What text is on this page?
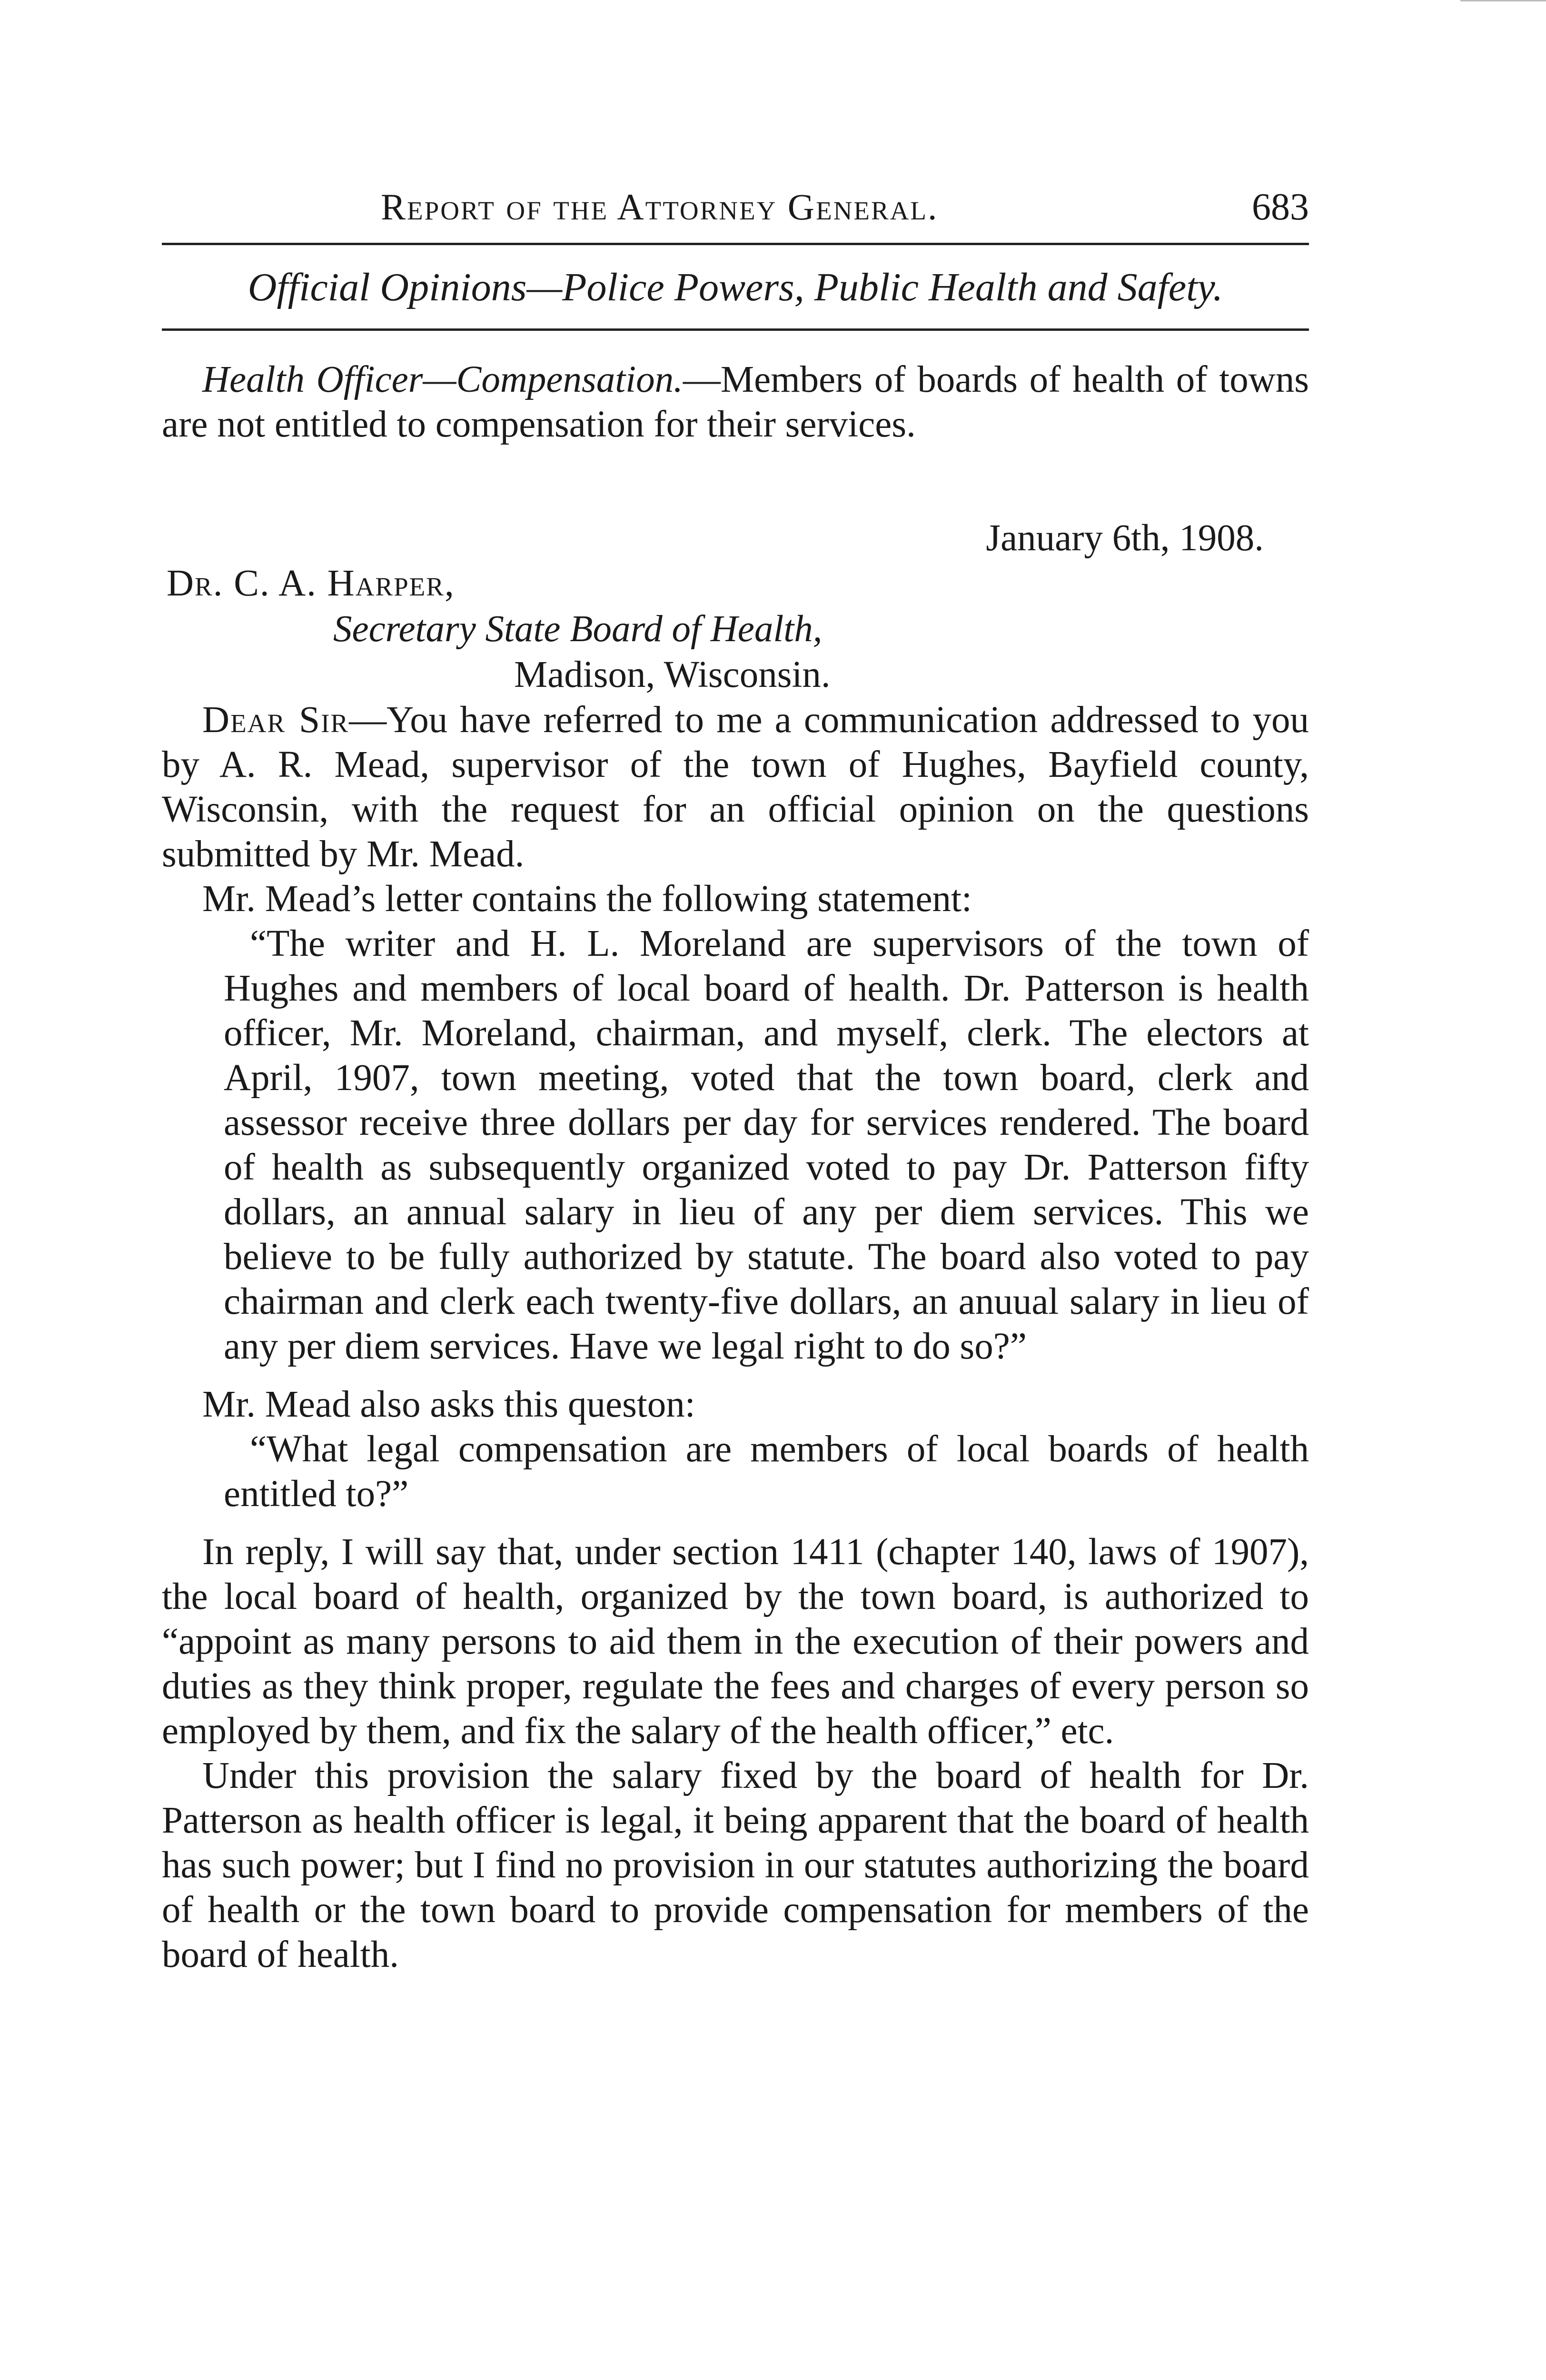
Report of the Attorney General.	683
Official Opinions—Police Powers, Public Health and Safety.

Health Officer—Compensation.—Members of boards of health of towns are not entitled to compensation for their services.

January 6th, 1908.
Dr. C. A. Harper,
Secretary State Board of Health,
Madison, Wisconsin.

Dear Sir—You have referred to me a communication addressed to you by A. R. Mead, supervisor of the town of Hughes, Bayfield county, Wisconsin, with the request for an official opinion on the questions submitted by Mr. Mead.

Mr. Mead’s letter contains the following statement:

“The writer and H. L. Moreland are supervisors of the town of Hughes and members of local board of health. Dr. Patterson is health officer, Mr. Moreland, chairman, and myself, clerk. The electors at April, 1907, town meeting, voted that the town board, clerk and assessor receive three dollars per day for services rendered. The board of health as subsequently organized voted to pay Dr. Patterson fifty dollars, an annual salary in lieu of any per diem services. This we believe to be fully authorized by statute. The board also voted to pay chairman and clerk each twenty-five dollars, an anuual salary in lieu of any per diem services. Have we legal right to do so?”

Mr. Mead also asks this queston:

“What legal compensation are members of local boards of health entitled to?”

In reply, I will say that, under section 1411 (chapter 140, laws of 1907), the local board of health, organized by the town board, is authorized to “appoint as many persons to aid them in the execution of their powers and duties as they think proper, regulate the fees and charges of every person so employed by them, and fix the salary of the health officer,” etc.

Under this provision the salary fixed by the board of health for Dr. Patterson as health officer is legal, it being apparent that the board of health has such power; but I find no provision in our statutes authorizing the board of health or the town board to provide compensation for members of the board of health.
